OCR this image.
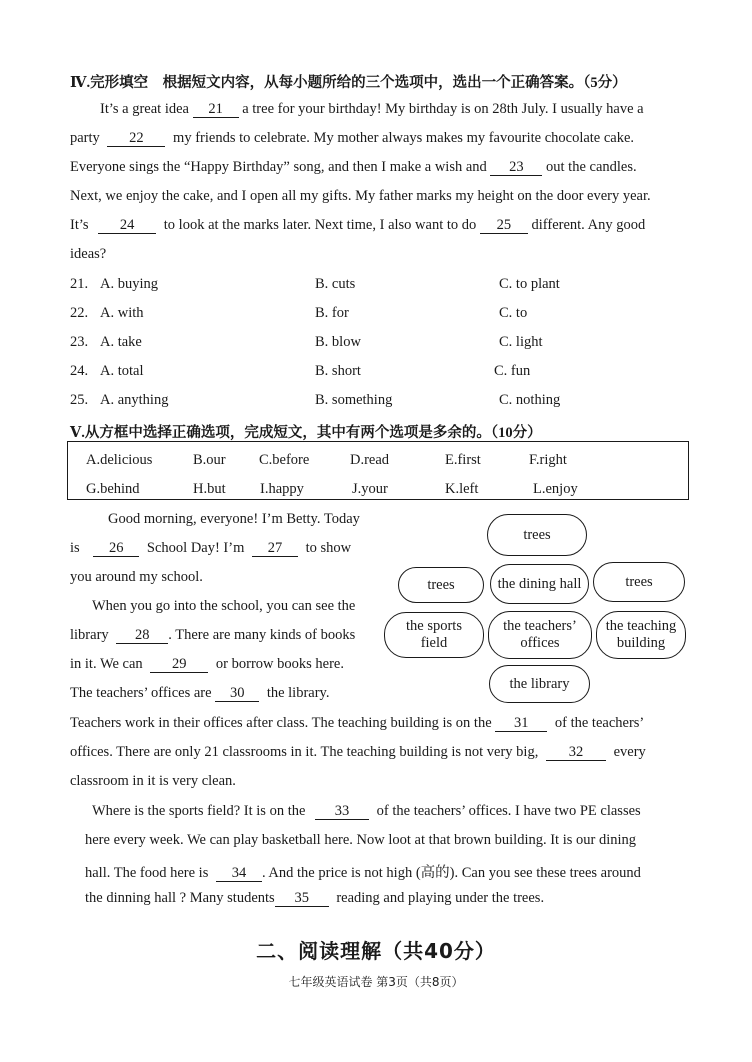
Ⅳ.完形填空　根据短文内容，从每小题所给的三个选项中，选出一个正确答案。（5分）
It’s a great idea 21 a tree for your birthday! My birthday is on 28th July. I usually have a
party 22 my friends to celebrate. My mother always makes my favourite chocolate cake.
Everyone sings the “Happy Birthday” song, and then I make a wish and 23 out the candles.
Next, we enjoy the cake, and I open all my gifts. My father marks my height on the door every year.
It’s 24 to look at the marks later. Next time, I also want to do 25 different. Any good
ideas?
21. A. buying	B. cuts	C. to plant
22. A. with	B. for	C. to
23. A. take	B. blow	C. light
24. A. total	B. short	C. fun
25. A. anything	B. something	C. nothing
Ⅴ.从方框中选择正确选项，完成短文，其中有两个选项是多余的。（10分）
A.delicious	B.our C.before	D.read	E.first	F.right
G.behind	H.but I.happy	J.your	K.left	L.enjoy
Good morning, everyone! I’m Betty. Today
is 26 School Day! I’m 27 to show
you around my school.
When you go into the school, you can see the
library 28 . There are many kinds of books
in it. We can 29 or borrow books here.
The teachers’ offices are 30 the library.
Teachers work in their offices after class. The teaching building is on the 31 of the teachers’
offices. There are only 21 classrooms in it. The teaching building is not very big, 32 every
classroom in it is very clean.
Where is the sports field? It is on the 33 of the teachers’ offices. I have two PE classes
here every week. We can play basketball here. Now loot at that brown building. It is our dining
hall. The food here is 34 . And the price is not high (高的). Can you see these trees around
the dinning hall ? Many students 35 reading and playing under the trees.
trees
trees	the dining hall	trees
the sports field
the teachers’ offices
the teaching building
the library
二、阅读理解（共40分）
七年级英语试卷 第3页（共8页）
